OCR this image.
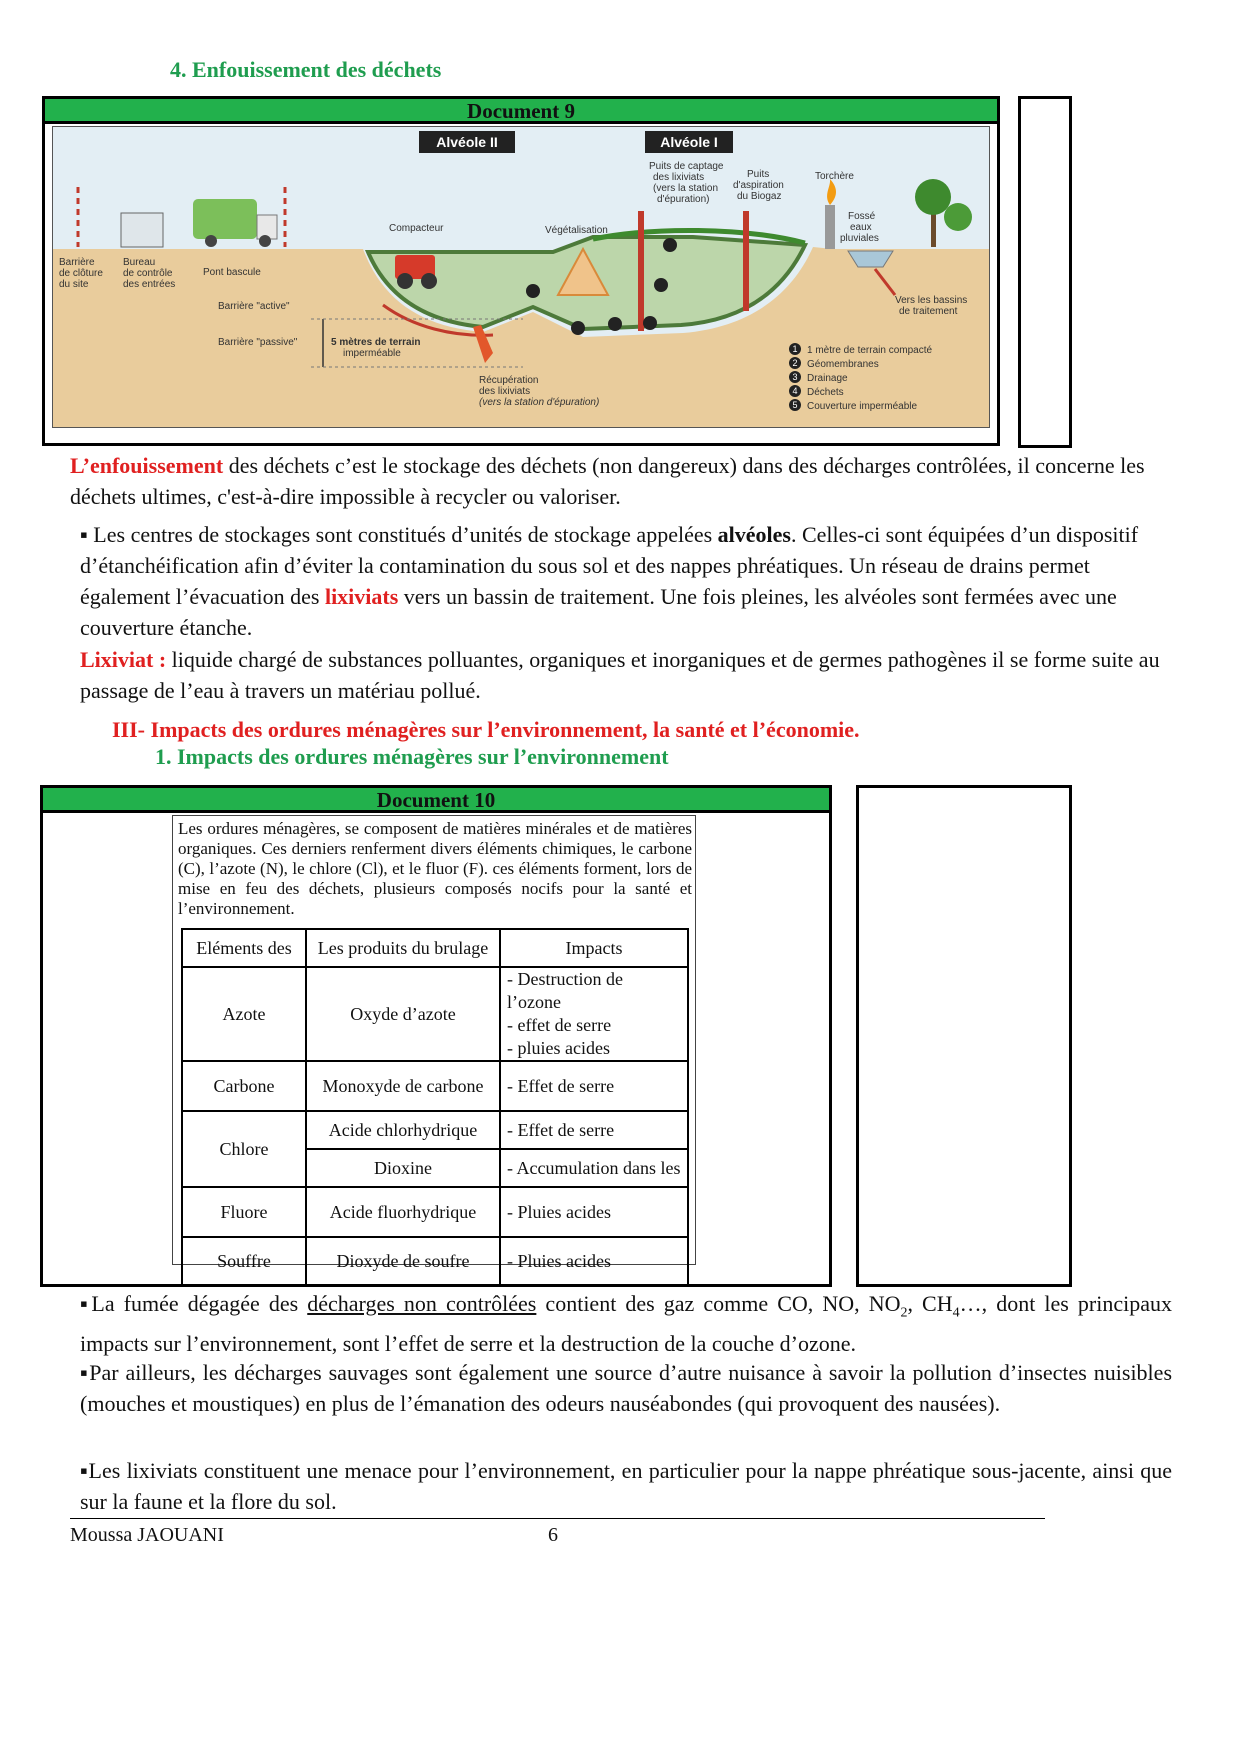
4. Enfouissement des déchets
Document 9
Alvéole II	Alvéole I
Barrière
de clôture
du site
Bureau
de contrôle
des entrées
Pont bascule
Compacteur	Végétalisation
Puits de captage
des lixiviats
(vers la station
d'épuration)
Puits
d'aspiration
du Biogaz
Torchère
Fossé
eaux
pluviales
Barrière "active"
Barrière "passive"	5 mètres de terrain
imperméable
Récupération
des lixiviats
(vers la station d'épuration)
Vers les bassins
de traitement
1 1 mètre de terrain compacté
2 Géomembranes
3 Drainage
4 Déchets
5 Couverture imperméable

L’enfouissement des déchets c’est le stockage des déchets (non dangereux) dans des décharges contrôlées, il concerne les déchets ultimes, c'est-à-dire impossible à recycler ou valoriser.

▪ Les centres de stockages sont constitués d’unités de stockage appelées alvéoles. Celles-ci sont équipées d’un dispositif d’étanchéification afin d’éviter la contamination du sous sol et des nappes phréatiques. Un réseau de drains permet également l’évacuation des lixiviats vers un bassin de traitement. Une fois pleines, les alvéoles sont fermées avec une couverture étanche.

Lixiviat : liquide chargé de substances polluantes, organiques et inorganiques et de germes pathogènes il se forme suite au passage de l’eau à travers un matériau pollué.

III- Impacts des ordures ménagères sur l’environnement, la santé et l’économie.
1. Impacts des ordures ménagères sur l’environnement
Document 10
Les ordures ménagères, se composent de matières minérales et de matières organiques. Ces derniers renferment divers éléments chimiques, le carbone (C), l’azote (N), le chlore (Cl), et le fluor (F). ces éléments forment, lors de mise en feu des déchets, plusieurs composés nocifs pour la santé et l’environnement.
Eléments des	Les produits du brulage	Impacts
Azote	Oxyde d’azote	- Destruction de l’ozone
- effet de serre
- pluies acides

Carbone	Monoxyde de carbone	- Effet de serre
Chlore	Acide chlorhydrique	- Effet de serre
	Dioxine	- Accumulation dans les
Fluore	Acide fluorhydrique	- Pluies acides
Souffre	Dioxyde de soufre	- Pluies acides

▪La fumée dégagée des décharges non contrôlées contient des gaz comme CO, NO, $NO_2$, $CH_4\dots$, dont les principaux impacts sur l’environnement, sont l’effet de serre et la destruction de la couche d’ozone.

▪Par ailleurs, les décharges sauvages sont également une source d’autre nuisance à savoir la pollution d’insectes nuisibles (mouches et moustiques) en plus de l’émanation des odeurs nauséabondes (qui provoquent des nausées).

▪Les lixiviats constituent une menace pour l’environnement, en particulier pour la nappe phréatique sous-jacente, ainsi que sur la faune et la flore du sol.

Moussa JAOUANI	6
